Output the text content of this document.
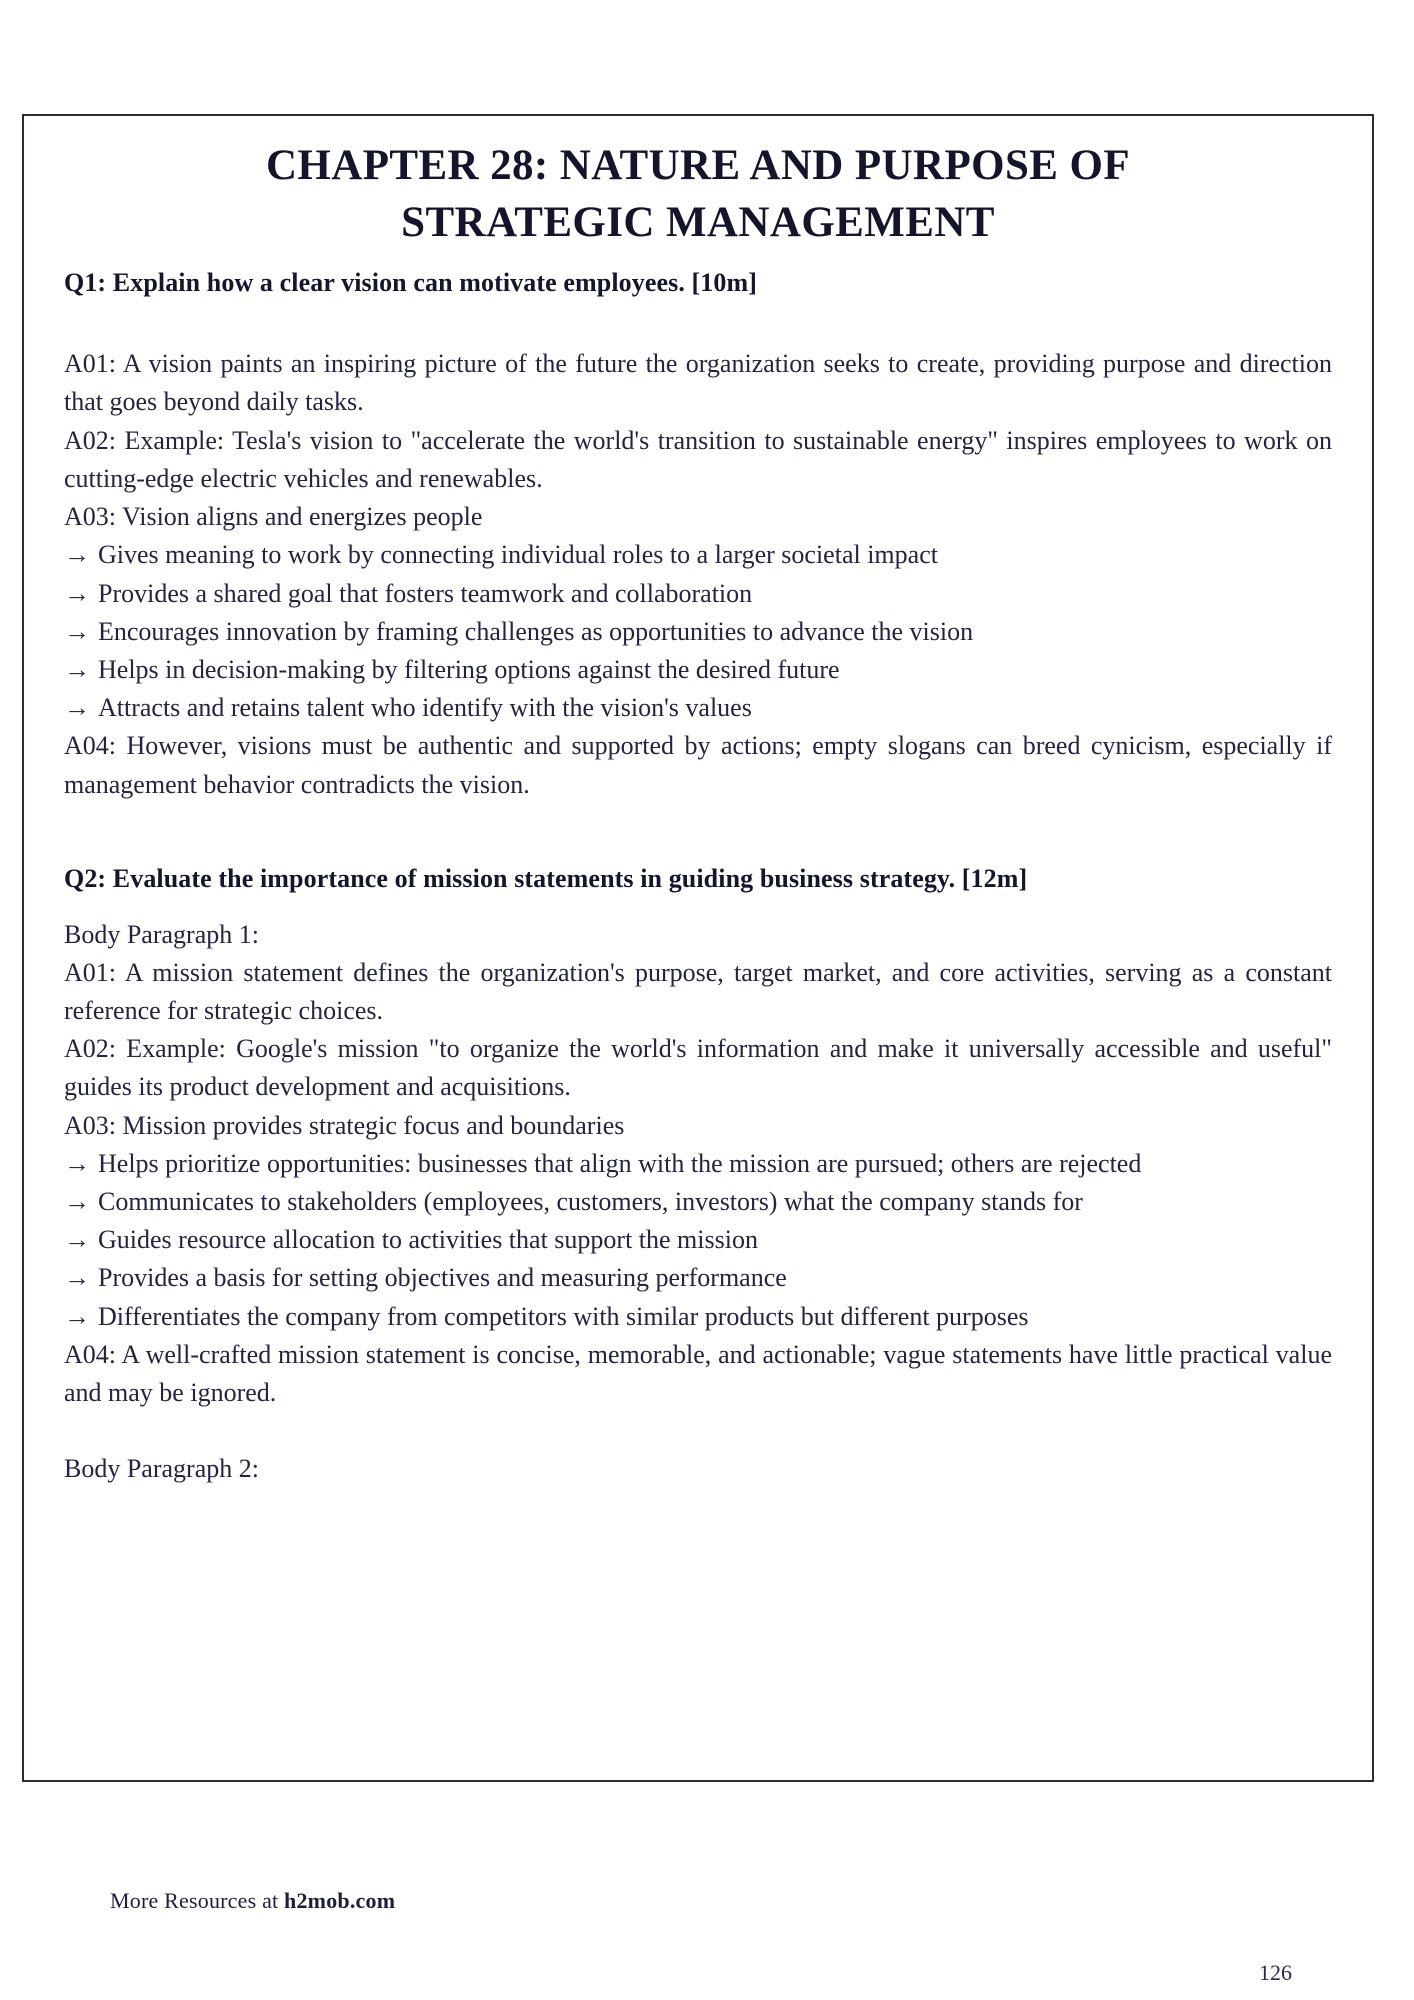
CHAPTER 28: NATURE AND PURPOSE OF
STRATEGIC MANAGEMENT

Q1: Explain how a clear vision can motivate employees. [10m]

A01: A vision paints an inspiring picture of the future the organization seeks to create, providing purpose and direction that goes beyond daily tasks.

A02: Example: Tesla's vision to "accelerate the world's transition to sustainable energy" inspires employees to work on cutting-edge electric vehicles and renewables.

A03: Vision aligns and energizes people

→ Gives meaning to work by connecting individual roles to a larger societal impact

→ Provides a shared goal that fosters teamwork and collaboration

→ Encourages innovation by framing challenges as opportunities to advance the vision

→ Helps in decision-making by filtering options against the desired future

→ Attracts and retains talent who identify with the vision's values

A04: However, visions must be authentic and supported by actions; empty slogans can breed cynicism, especially if management behavior contradicts the vision.

Q2: Evaluate the importance of mission statements in guiding business strategy. [12m]

Body Paragraph 1:

A01: A mission statement defines the organization's purpose, target market, and core activities, serving as a constant reference for strategic choices.

A02: Example: Google's mission "to organize the world's information and make it universally accessible and useful" guides its product development and acquisitions.

A03: Mission provides strategic focus and boundaries

→ Helps prioritize opportunities: businesses that align with the mission are pursued; others are rejected

→ Communicates to stakeholders (employees, customers, investors) what the company stands for

→ Guides resource allocation to activities that support the mission

→ Provides a basis for setting objectives and measuring performance

→ Differentiates the company from competitors with similar products but different purposes

A04: A well-crafted mission statement is concise, memorable, and actionable; vague statements have little practical value and may be ignored.

Body Paragraph 2:

More Resources at h2mob.com
126
